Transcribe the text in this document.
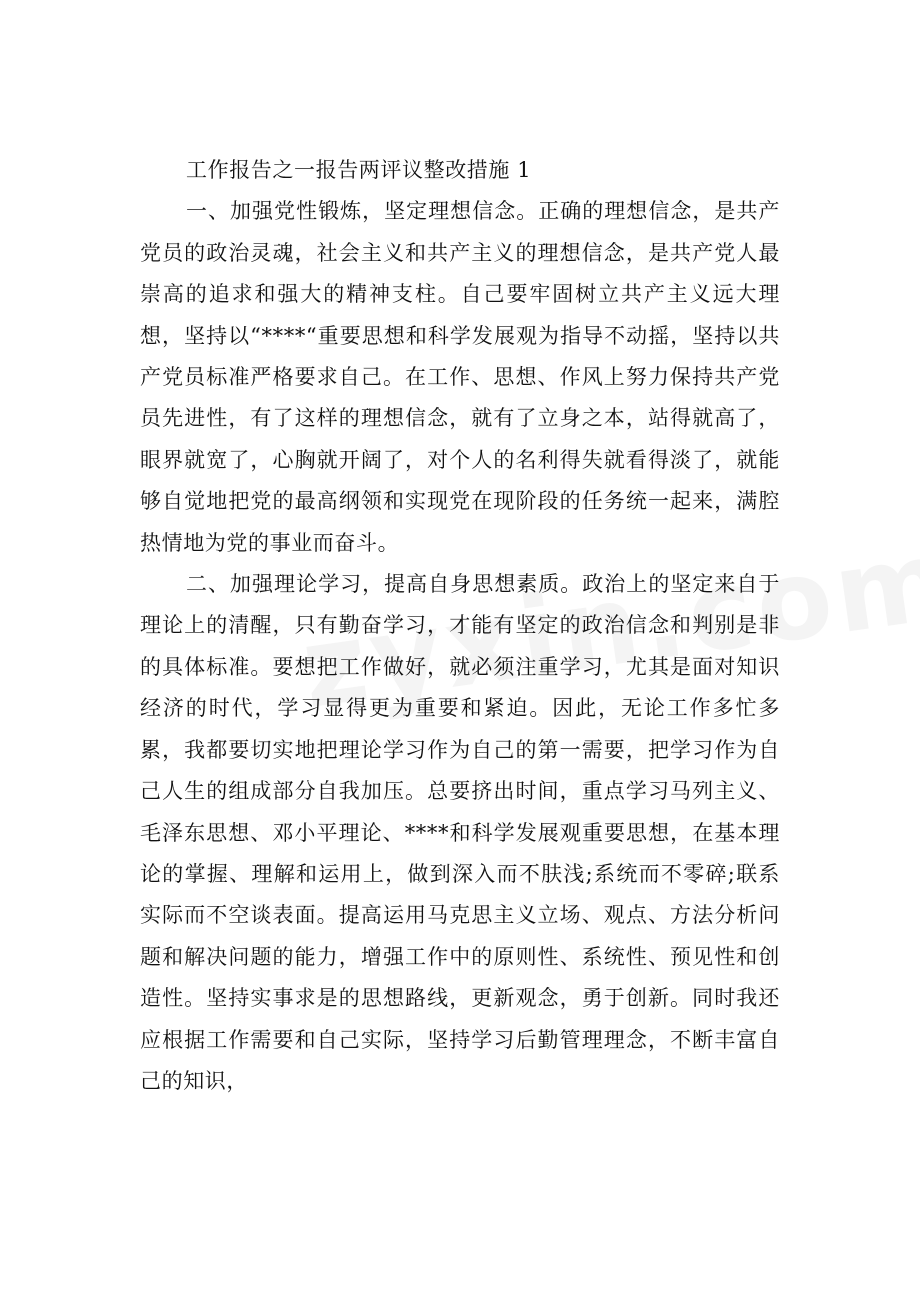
工作报告之一报告两评议整改措施 1

一、加强党性锻炼，坚定理想信念。正确的理想信念，是共产党员的政治灵魂，社会主义和共产主义的理想信念，是共产党人最崇高的追求和强大的精神支柱。自己要牢固树立共产主义远大理想，坚持以“****“重要思想和科学发展观为指导不动摇，坚持以共产党员标准严格要求自己。在工作、思想、作风上努力保持共产党员先进性，有了这样的理想信念，就有了立身之本，站得就高了，眼界就宽了，心胸就开阔了，对个人的名利得失就看得淡了，就能够自觉地把党的最高纲领和实现党在现阶段的任务统一起来，满腔热情地为党的事业而奋斗。

二、加强理论学习，提高自身思想素质。政治上的坚定来自于理论上的清醒，只有勤奋学习，才能有坚定的政治信念和判别是非的具体标准。要想把工作做好，就必须注重学习，尤其是面对知识经济的时代，学习显得更为重要和紧迫。因此，无论工作多忙多累，我都要切实地把理论学习作为自己的第一需要，把学习作为自己人生的组成部分自我加压。总要挤出时间，重点学习马列主义、毛泽东思想、邓小平理论、****和科学发展观重要思想，在基本理论的掌握、理解和运用上，做到深入而不肤浅;系统而不零碎;联系实际而不空谈表面。提高运用马克思主义立场、观点、方法分析问题和解决问题的能力，增强工作中的原则性、系统性、预见性和创造性。坚持实事求是的思想路线，更新观念，勇于创新。同时我还应根据工作需要和自己实际，坚持学习后勤管理理念，不断丰富自己的知识，
